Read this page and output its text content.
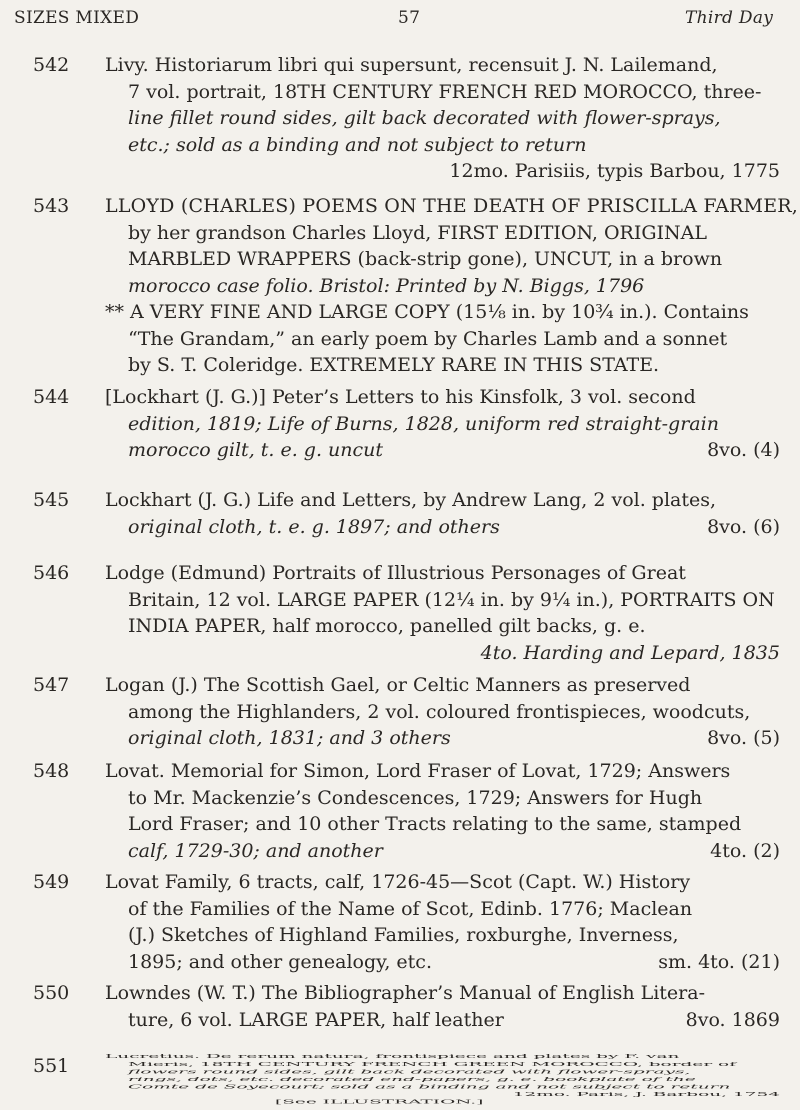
SIZES MIXED	57	Third Day
542	Livy. Historiarum libri qui supersunt, recensuit J. N. Lailemand,
7 vol. portrait, 18TH CENTURY FRENCH RED MOROCCO, three-
line fillet round sides, gilt back decorated with flower-sprays,
etc.; sold as a binding and not subject to return
12mo. Parisiis, typis Barbou, 1775
543	LLOYD (CHARLES) POEMS ON THE DEATH OF PRISCILLA FARMER,
by her grandson Charles Lloyd, FIRST EDITION, ORIGINAL
MARBLED WRAPPERS (back-strip gone), UNCUT, in a brown
morocco case folio. Bristol: Printed by N. Biggs, 1796
** A VERY FINE AND LARGE COPY (15⅛ in. by 10¾ in.). Contains
“The Grandam,” an early poem by Charles Lamb and a sonnet
by S. T. Coleridge. EXTREMELY RARE IN THIS STATE.
544	[Lockhart (J. G.)] Peter’s Letters to his Kinsfolk, 3 vol. second
edition, 1819; Life of Burns, 1828, uniform red straight-grain
morocco gilt, t. e. g. uncut	8vo. (4)
545	Lockhart (J. G.) Life and Letters, by Andrew Lang, 2 vol. plates,
original cloth, t. e. g. 1897; and others	8vo. (6)
546	Lodge (Edmund) Portraits of Illustrious Personages of Great
Britain, 12 vol. LARGE PAPER (12¼ in. by 9¼ in.), PORTRAITS ON
INDIA PAPER, half morocco, panelled gilt backs, g. e.
4to. Harding and Lepard, 1835
547	Logan (J.) The Scottish Gael, or Celtic Manners as preserved
among the Highlanders, 2 vol. coloured frontispieces, woodcuts,
original cloth, 1831; and 3 others	8vo. (5)
548	Lovat. Memorial for Simon, Lord Fraser of Lovat, 1729; Answers
to Mr. Mackenzie’s Condescences, 1729; Answers for Hugh
Lord Fraser; and 10 other Tracts relating to the same, stamped
calf, 1729-30; and another	4to. (2)
549	Lovat Family, 6 tracts, calf, 1726-45—Scot (Capt. W.) History
of the Families of the Name of Scot, Edinb. 1776; Maclean
(J.) Sketches of Highland Families, roxburghe, Inverness,
1895; and other genealogy, etc.	sm. 4to. (21)
550	Lowndes (W. T.) The Bibliographer’s Manual of English Litera-
ture, 6 vol. LARGE PAPER, half leather	8vo. 1869
551	Lucretius. De rerum natura, frontispiece and plates by F. van
Mieris, 18TH CENTURY FRENCH GREEN MOROCCO, border of
flowers round sides, gilt back decorated with flower-sprays,
rings, dots, etc. decorated end-papers, g. e. bookplate of the
Comte de Soyecourt; sold as a binding and not subject to return
12mo. Paris, J. Barbou, 1754
[See ILLUSTRATION.]
